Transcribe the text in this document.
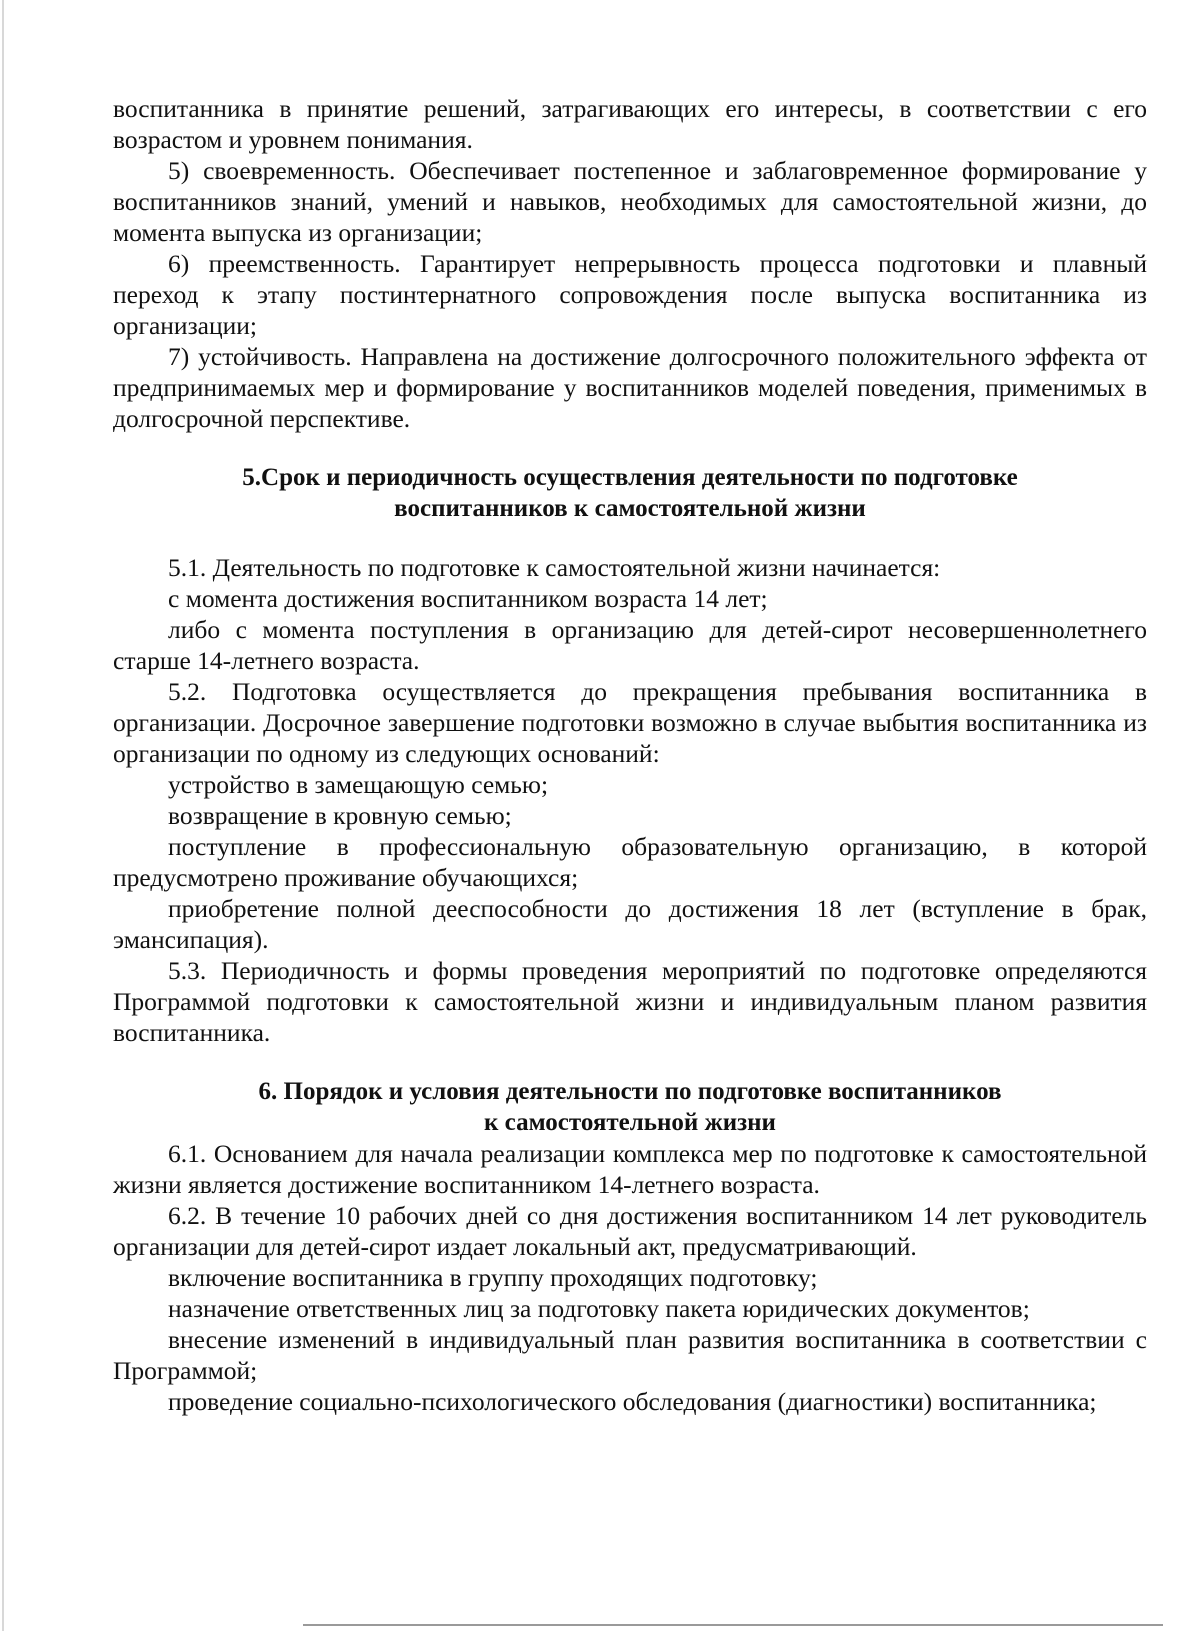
воспитанника в принятие решений, затрагивающих его интересы, в соответствии с его возрастом и уровнем понимания.

5) своевременность. Обеспечивает постепенное и заблаговременное формирование у воспитанников знаний, умений и навыков, необходимых для самостоятельной жизни, до момента выпуска из организации;

6) преемственность. Гарантирует непрерывность процесса подготовки и плавный переход к этапу постинтернатного сопровождения после выпуска воспитанника из организации;

7) устойчивость. Направлена на достижение долгосрочного положительного эффекта от предпринимаемых мер и формирование у воспитанников моделей поведения, применимых в долгосрочной перспективе.

5.Срок и периодичность осуществления деятельности по подготовке

воспитанников к самостоятельной жизни

5.1. Деятельность по подготовке к самостоятельной жизни начинается:

с момента достижения воспитанником возраста 14 лет;

либо с момента поступления в организацию для детей-сирот несовершеннолетнего старше 14-летнего возраста.

5.2. Подготовка осуществляется до прекращения пребывания воспитанника в организации. Досрочное завершение подготовки возможно в случае выбытия воспитанника из организации по одному из следующих оснований:

устройство в замещающую семью;

возвращение в кровную семью;

поступление в профессиональную образовательную организацию, в которой предусмотрено проживание обучающихся;

приобретение полной дееспособности до достижения 18 лет (вступление в брак, эмансипация).

5.3. Периодичность и формы проведения мероприятий по подготовке определяются Программой подготовки к самостоятельной жизни и индивидуальным планом развития воспитанника.

6. Порядок и условия деятельности по подготовке воспитанников

к самостоятельной жизни

6.1. Основанием для начала реализации комплекса мер по подготовке к самостоятельной жизни является достижение воспитанником 14-летнего возраста.

6.2. В течение 10 рабочих дней со дня достижения воспитанником 14 лет руководитель организации для детей-сирот издает локальный акт, предусматривающий.

включение воспитанника в группу проходящих подготовку;

назначение ответственных лиц за подготовку пакета юридических документов;

внесение изменений в индивидуальный план развития воспитанника в соответствии с Программой;

проведение социально-психологического обследования (диагностики) воспитанника;
